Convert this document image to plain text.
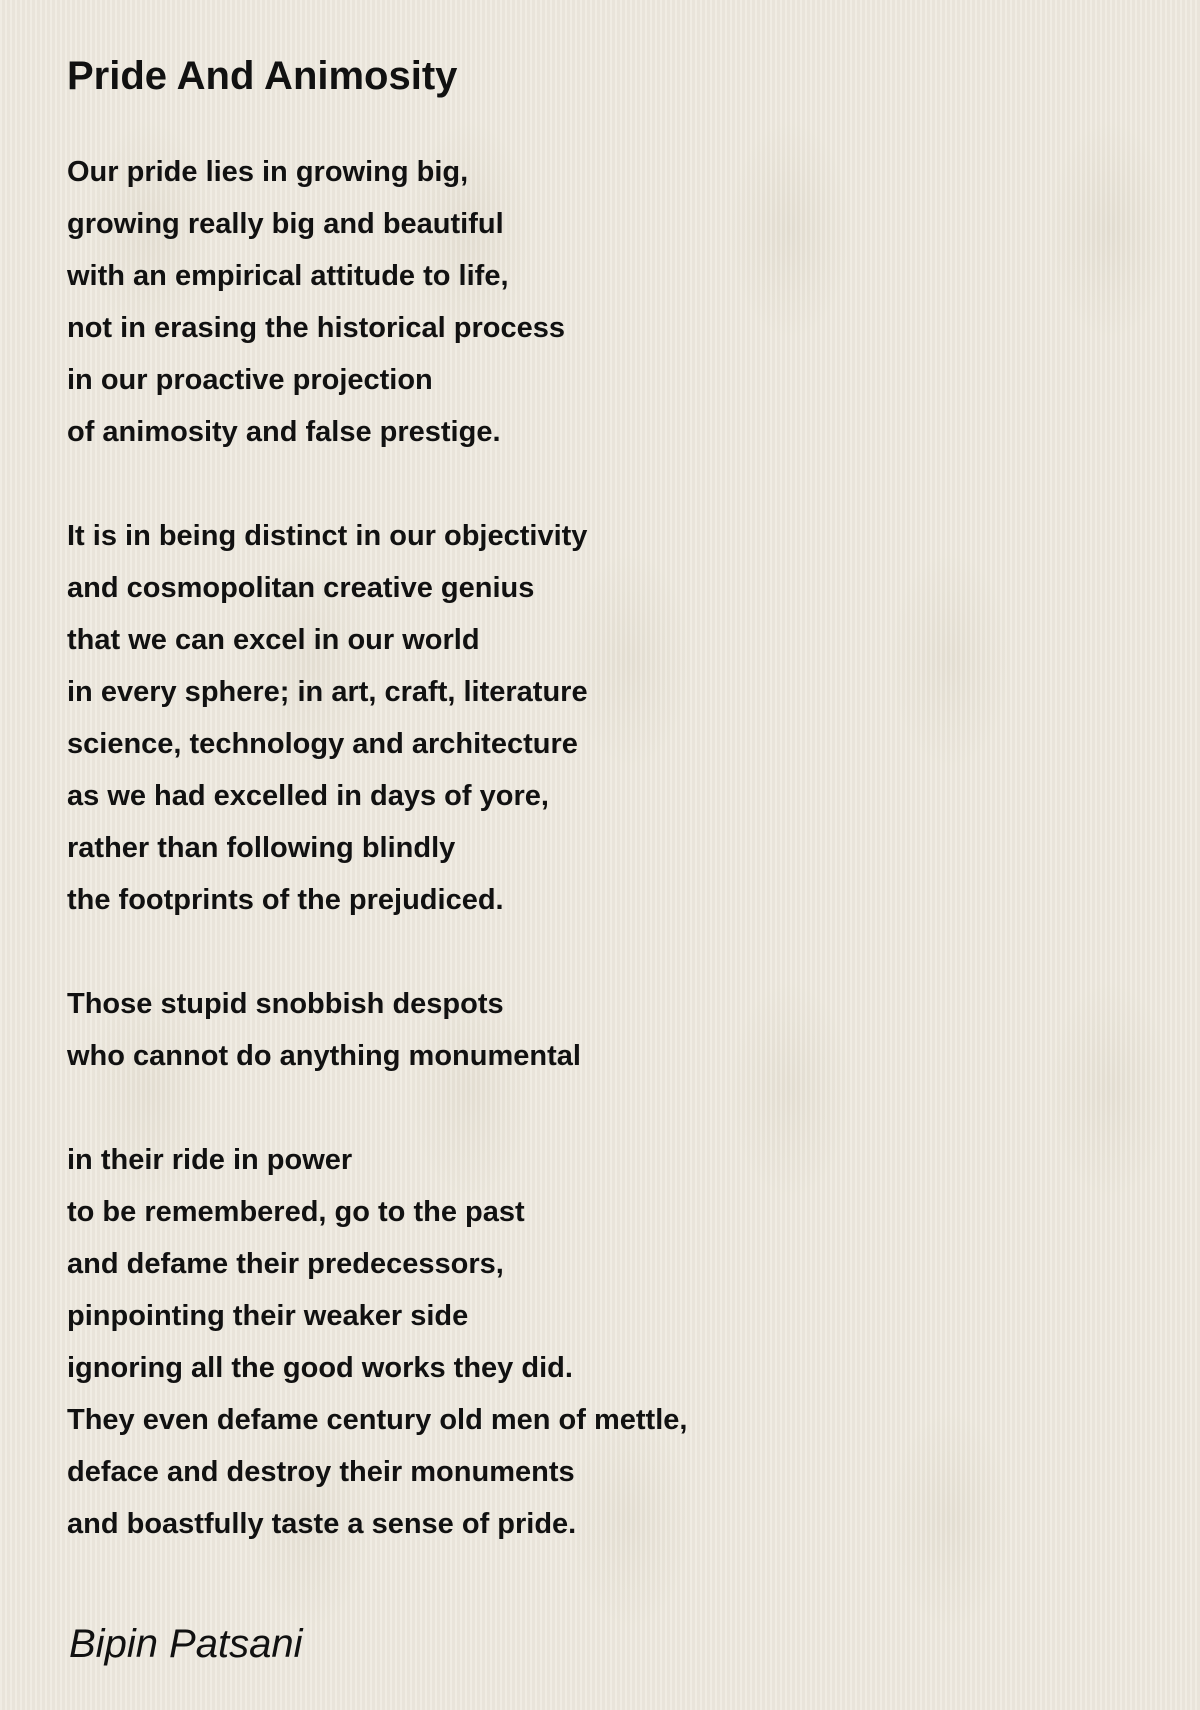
Pride And Animosity
Our pride lies in growing big,
growing really big and beautiful
with an empirical attitude to life,
not in erasing the historical process
in our proactive projection
of animosity and false prestige.
It is in being distinct in our objectivity
and cosmopolitan creative genius
that we can excel in our world
in every sphere; in art, craft, literature
science, technology and architecture
as we had excelled in days of yore,
rather than following blindly
the footprints of the prejudiced.
Those stupid snobbish despots
who cannot do anything monumental
in their ride in power
to be remembered, go to the past
and defame their predecessors,
pinpointing their weaker side
ignoring all the good works they did.
They even defame century old men of mettle,
deface and destroy their monuments
and boastfully taste a sense of pride.
Bipin Patsani
